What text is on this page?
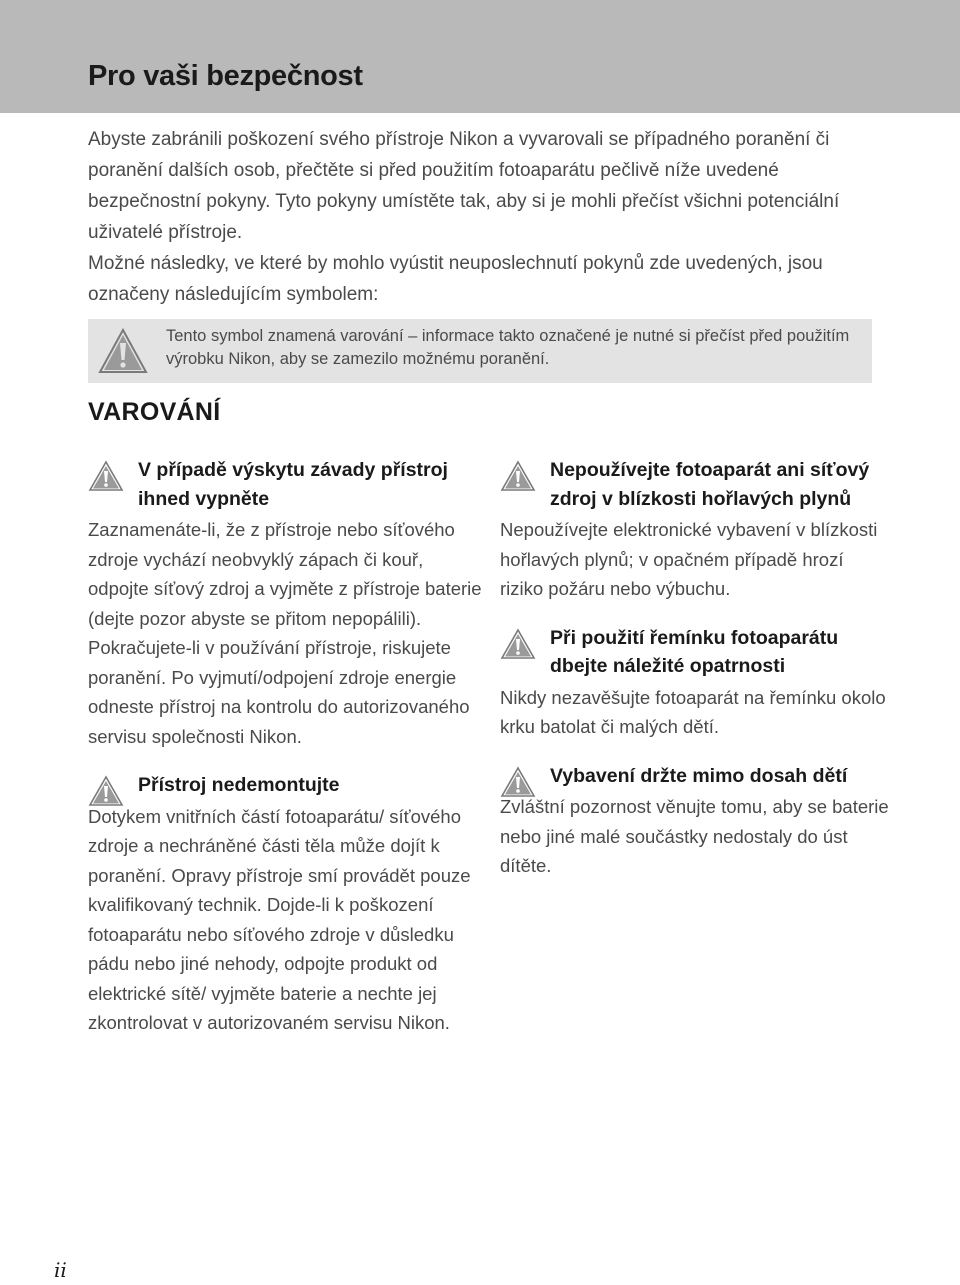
Pro vaši bezpečnost

Abyste zabránili poškození svého přístroje Nikon a vyvarovali se případného poranění či poranění dalších osob, přečtěte si před použitím fotoaparátu pečlivě níže uvedené bezpečnostní pokyny. Tyto pokyny umístěte tak, aby si je mohli přečíst všichni potenciální uživatelé přístroje.

Možné následky, ve které by mohlo vyústit neuposlechnutí pokynů zde uvedených, jsou označeny následujícím symbolem:

Tento symbol znamená varování – informace takto označené je nutné si přečíst před použitím výrobku Nikon, aby se zamezilo možnému poranění.
VAROVÁNÍ
V případě výskytu závady přístroj ihned vypněte
Zaznamenáte-li, že z přístroje nebo síťového zdroje vychází neobvyklý zápach či kouř, odpojte síťový zdroj a vyjměte z přístroje baterie (dejte pozor abyste se přitom nepopálili). Pokračujete-li v používání přístroje, riskujete poranění. Po vyjmutí/odpojení zdroje energie odneste přístroj na kontrolu do autorizovaného servisu společnosti Nikon.
Přístroj nedemontujte
Dotykem vnitřních částí fotoaparátu/ síťového zdroje a nechráněné části těla může dojít k poranění. Opravy přístroje smí provádět pouze kvalifikovaný technik. Dojde-li k poškození fotoaparátu nebo síťového zdroje v důsledku pádu nebo jiné nehody, odpojte produkt od elektrické sítě/ vyjměte baterie a nechte jej zkontrolovat v autorizovaném servisu Nikon.
Nepoužívejte fotoaparát ani síťový zdroj v blízkosti hořlavých plynů
Nepoužívejte elektronické vybavení v blízkosti hořlavých plynů; v opačném případě hrozí riziko požáru nebo výbuchu.
Při použití řemínku fotoaparátu dbejte náležité opatrnosti
Nikdy nezavěšujte fotoaparát na řemínku okolo krku batolat či malých dětí.
Vybavení držte mimo dosah dětí
Zvláštní pozornost věnujte tomu, aby se baterie nebo jiné malé součástky nedostaly do úst dítěte.
ii
